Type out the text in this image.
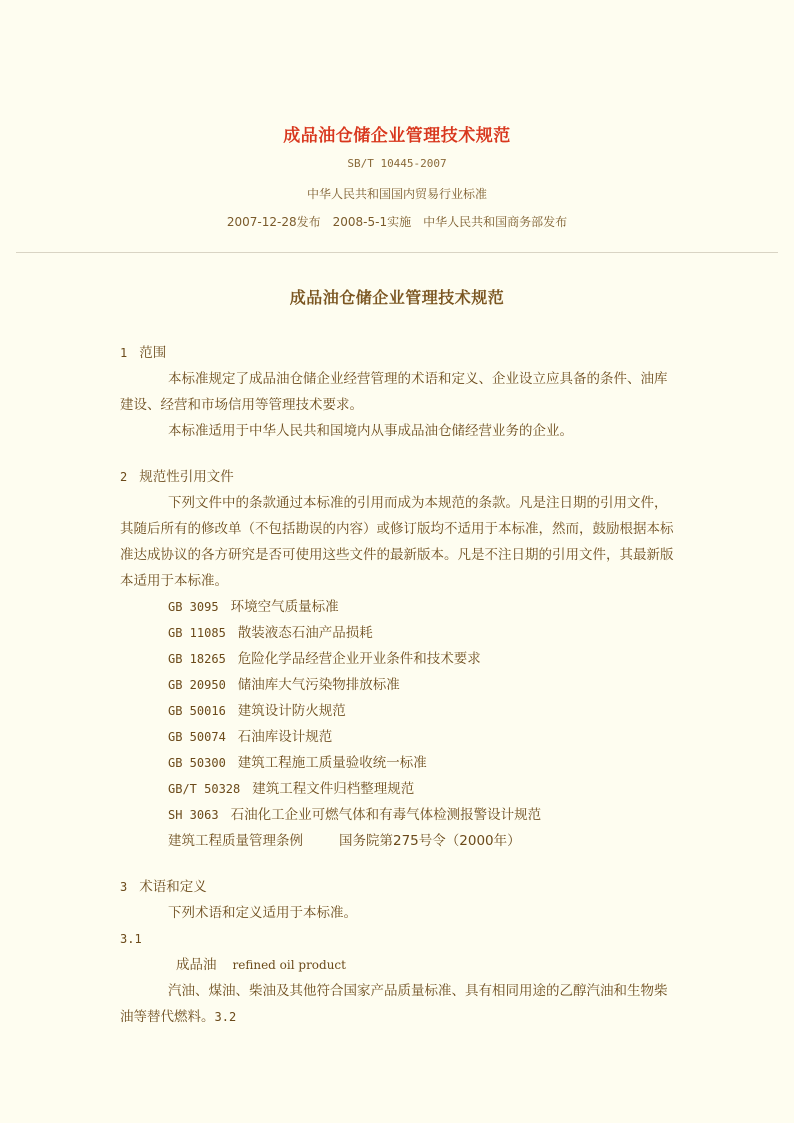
成品油仓储企业管理技术规范
SB/T 10445-2007
中华人民共和国国内贸易行业标准
2007-12-28发布　2008-5-1实施　中华人民共和国商务部发布
成品油仓储企业管理技术规范
1 范围
本标准规定了成品油仓储企业经营管理的术语和定义、企业设立应具备的条件、油库建设、经营和市场信用等管理技术要求。
本标准适用于中华人民共和国境内从事成品油仓储经营业务的企业。
2 规范性引用文件
下列文件中的条款通过本标准的引用而成为本规范的条款。凡是注日期的引用文件，其随后所有的修改单（不包括勘误的内容）或修订版均不适用于本标准，然而，鼓励根据本标准达成协议的各方研究是否可使用这些文件的最新版本。凡是不注日期的引用文件，其最新版本适用于本标准。
GB 3095 环境空气质量标准
GB 11085 散装液态石油产品损耗
GB 18265 危险化学品经营企业开业条件和技术要求
GB 20950 储油库大气污染物排放标准
GB 50016 建筑设计防火规范
GB 50074 石油库设计规范
GB 50300 建筑工程施工质量验收统一标准
GB/T 50328 建筑工程文件归档整理规范
SH 3063 石油化工企业可燃气体和有毒气体检测报警设计规范
建筑工程质量管理条例	国务院第275号令（2000年）
3 术语和定义
下列术语和定义适用于本标准。
3.1
成品油 refined oil product
汽油、煤油、柴油及其他符合国家产品质量标准、具有相同用途的乙醇汽油和生物柴油等替代燃料。3.2
